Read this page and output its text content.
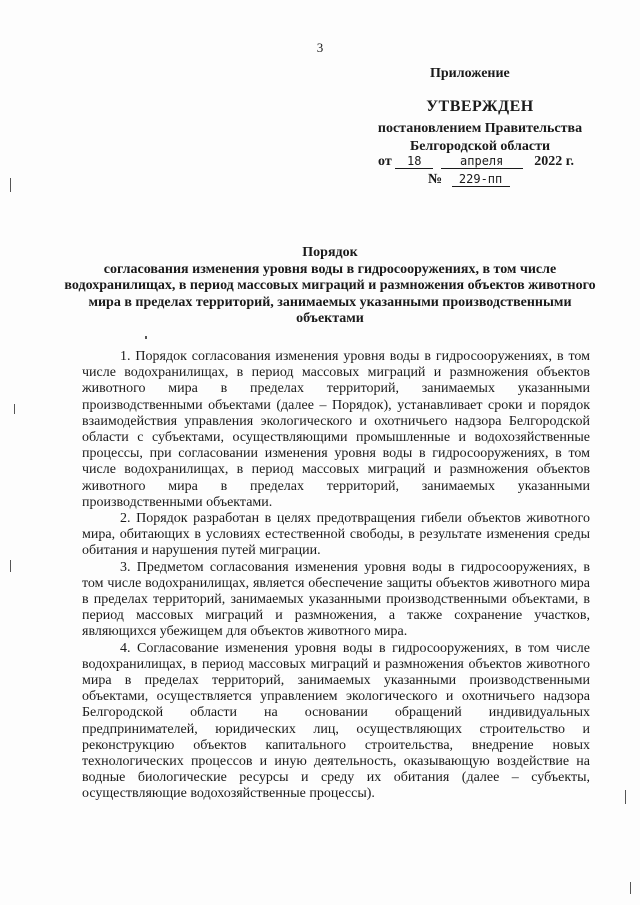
3
Приложение
УТВЕРЖДЕН
постановлением Правительства
Белгородской области
от 18	апреля 2022 г.
№ 229-пп

Порядок

согласования изменения уровня воды в гидросооружениях, в том числе водохранилищах, в период массовых миграций и размножения объектов животного мира в пределах территорий, занимаемых указанными производственными объектами

1. Порядок согласования изменения уровня воды в гидросооружениях, в том числе водохранилищах, в период массовых миграций и размножения объектов животного мира в пределах территорий, занимаемых указанными производственными объектами (далее – Порядок), устанавливает сроки и порядок взаимодействия управления экологического и охотничьего надзора Белгородской области с субъектами, осуществляющими промышленные и водохозяйственные процессы, при согласовании изменения уровня воды в гидросооружениях, в том числе водохранилищах, в период массовых миграций и размножения объектов животного мира в пределах территорий, занимаемых указанными производственными объектами.

2. Порядок разработан в целях предотвращения гибели объектов животного мира, обитающих в условиях естественной свободы, в результате изменения среды обитания и нарушения путей миграции.

3. Предметом согласования изменения уровня воды в гидросооружениях, в том числе водохранилищах, является обеспечение защиты объектов животного мира в пределах территорий, занимаемых указанными производственными объектами, в период массовых миграций и размножения, а также сохранение участков, являющихся убежищем для объектов животного мира.

4. Согласование изменения уровня воды в гидросооружениях, в том числе водохранилищах, в период массовых миграций и размножения объектов животного мира в пределах территорий, занимаемых указанными производственными объектами, осуществляется управлением экологического и охотничьего надзора Белгородской области на основании обращений индивидуальных предпринимателей, юридических лиц, осуществляющих строительство и реконструкцию объектов капитального строительства, внедрение новых технологических процессов и иную деятельность, оказывающую воздействие на водные биологические ресурсы и среду их обитания (далее – субъекты, осуществляющие водохозяйственные процессы).
